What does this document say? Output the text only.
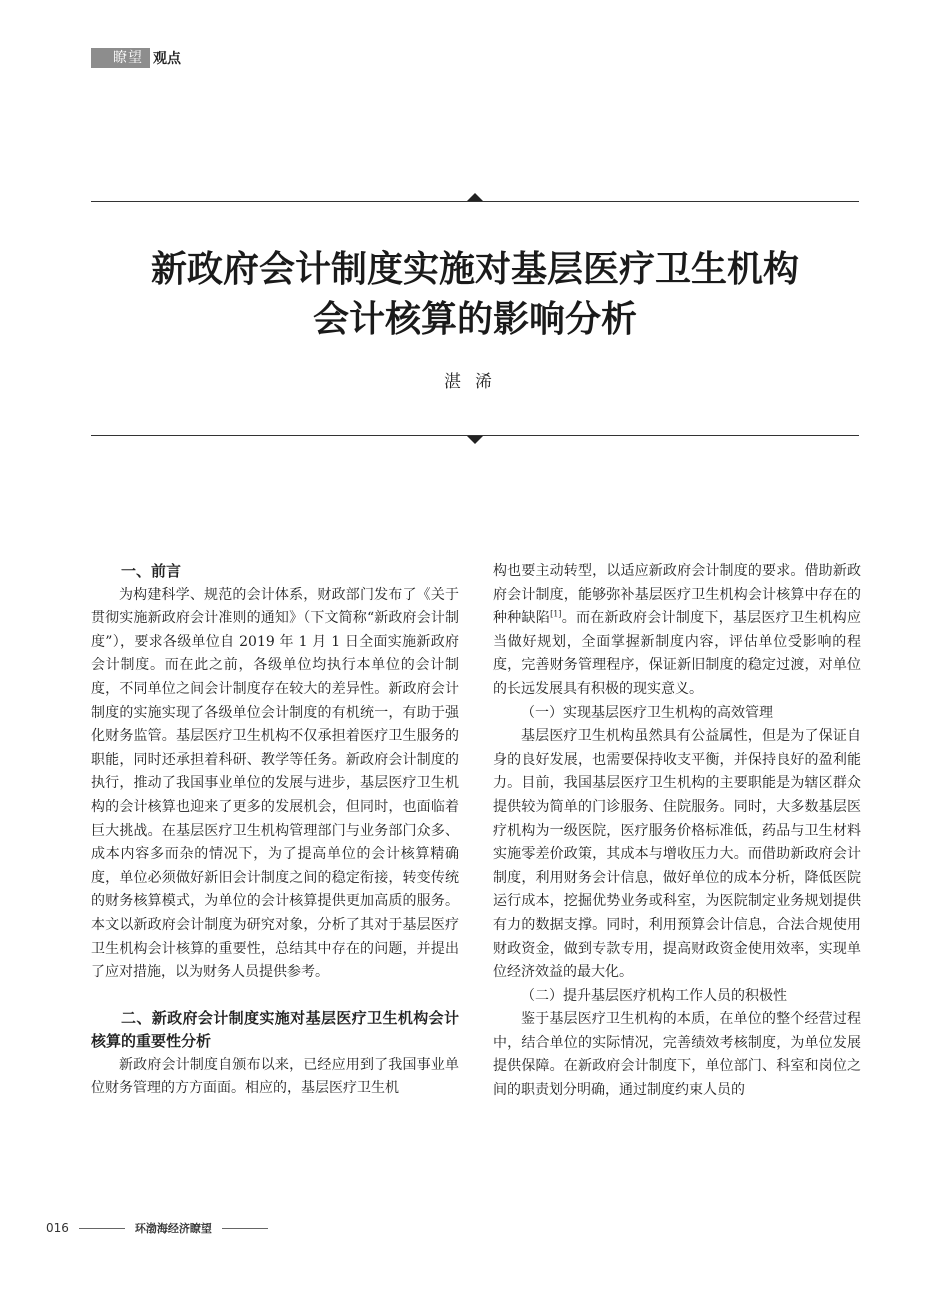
瞭望 观点
新政府会计制度实施对基层医疗卫生机构
会计核算的影响分析
湛浠

一、前言

为构建科学、规范的会计体系，财政部门发布了《关于贯彻实施新政府会计准则的通知》（下文简称“新政府会计制度”），要求各级单位自 2019 年 1 月 1 日全面实施新政府会计制度。而在此之前，各级单位均执行本单位的会计制度，不同单位之间会计制度存在较大的差异性。新政府会计制度的实施实现了各级单位会计制度的有机统一，有助于强化财务监管。基层医疗卫生机构不仅承担着医疗卫生服务的职能，同时还承担着科研、教学等任务。新政府会计制度的执行，推动了我国事业单位的发展与进步，基层医疗卫生机构的会计核算也迎来了更多的发展机会，但同时，也面临着巨大挑战。在基层医疗卫生机构管理部门与业务部门众多、成本内容多而杂的情况下，为了提高单位的会计核算精确度，单位必须做好新旧会计制度之间的稳定衔接，转变传统的财务核算模式，为单位的会计核算提供更加高质的服务。本文以新政府会计制度为研究对象，分析了其对于基层医疗卫生机构会计核算的重要性，总结其中存在的问题，并提出了应对措施，以为财务人员提供参考。

二、新政府会计制度实施对基层医疗卫生机构会计核算的重要性分析

新政府会计制度自颁布以来，已经应用到了我国事业单位财务管理的方方面面。相应的，基层医疗卫生机

构也要主动转型，以适应新政府会计制度的要求。借助新政府会计制度，能够弥补基层医疗卫生机构会计核算中存在的种种缺陷[1]。而在新政府会计制度下，基层医疗卫生机构应当做好规划，全面掌握新制度内容，评估单位受影响的程度，完善财务管理程序，保证新旧制度的稳定过渡，对单位的长远发展具有积极的现实意义。

（一）实现基层医疗卫生机构的高效管理

基层医疗卫生机构虽然具有公益属性，但是为了保证自身的良好发展，也需要保持收支平衡，并保持良好的盈利能力。目前，我国基层医疗卫生机构的主要职能是为辖区群众提供较为简单的门诊服务、住院服务。同时，大多数基层医疗机构为一级医院，医疗服务价格标准低，药品与卫生材料实施零差价政策，其成本与增收压力大。而借助新政府会计制度，利用财务会计信息，做好单位的成本分析，降低医院运行成本，挖掘优势业务或科室，为医院制定业务规划提供有力的数据支撑。同时，利用预算会计信息，合法合规使用财政资金，做到专款专用，提高财政资金使用效率，实现单位经济效益的最大化。

（二）提升基层医疗机构工作人员的积极性

鉴于基层医疗卫生机构的本质，在单位的整个经营过程中，结合单位的实际情况，完善绩效考核制度，为单位发展提供保障。在新政府会计制度下，单位部门、科室和岗位之间的职责划分明确，通过制度约束人员的

016	环渤海经济瞭望
